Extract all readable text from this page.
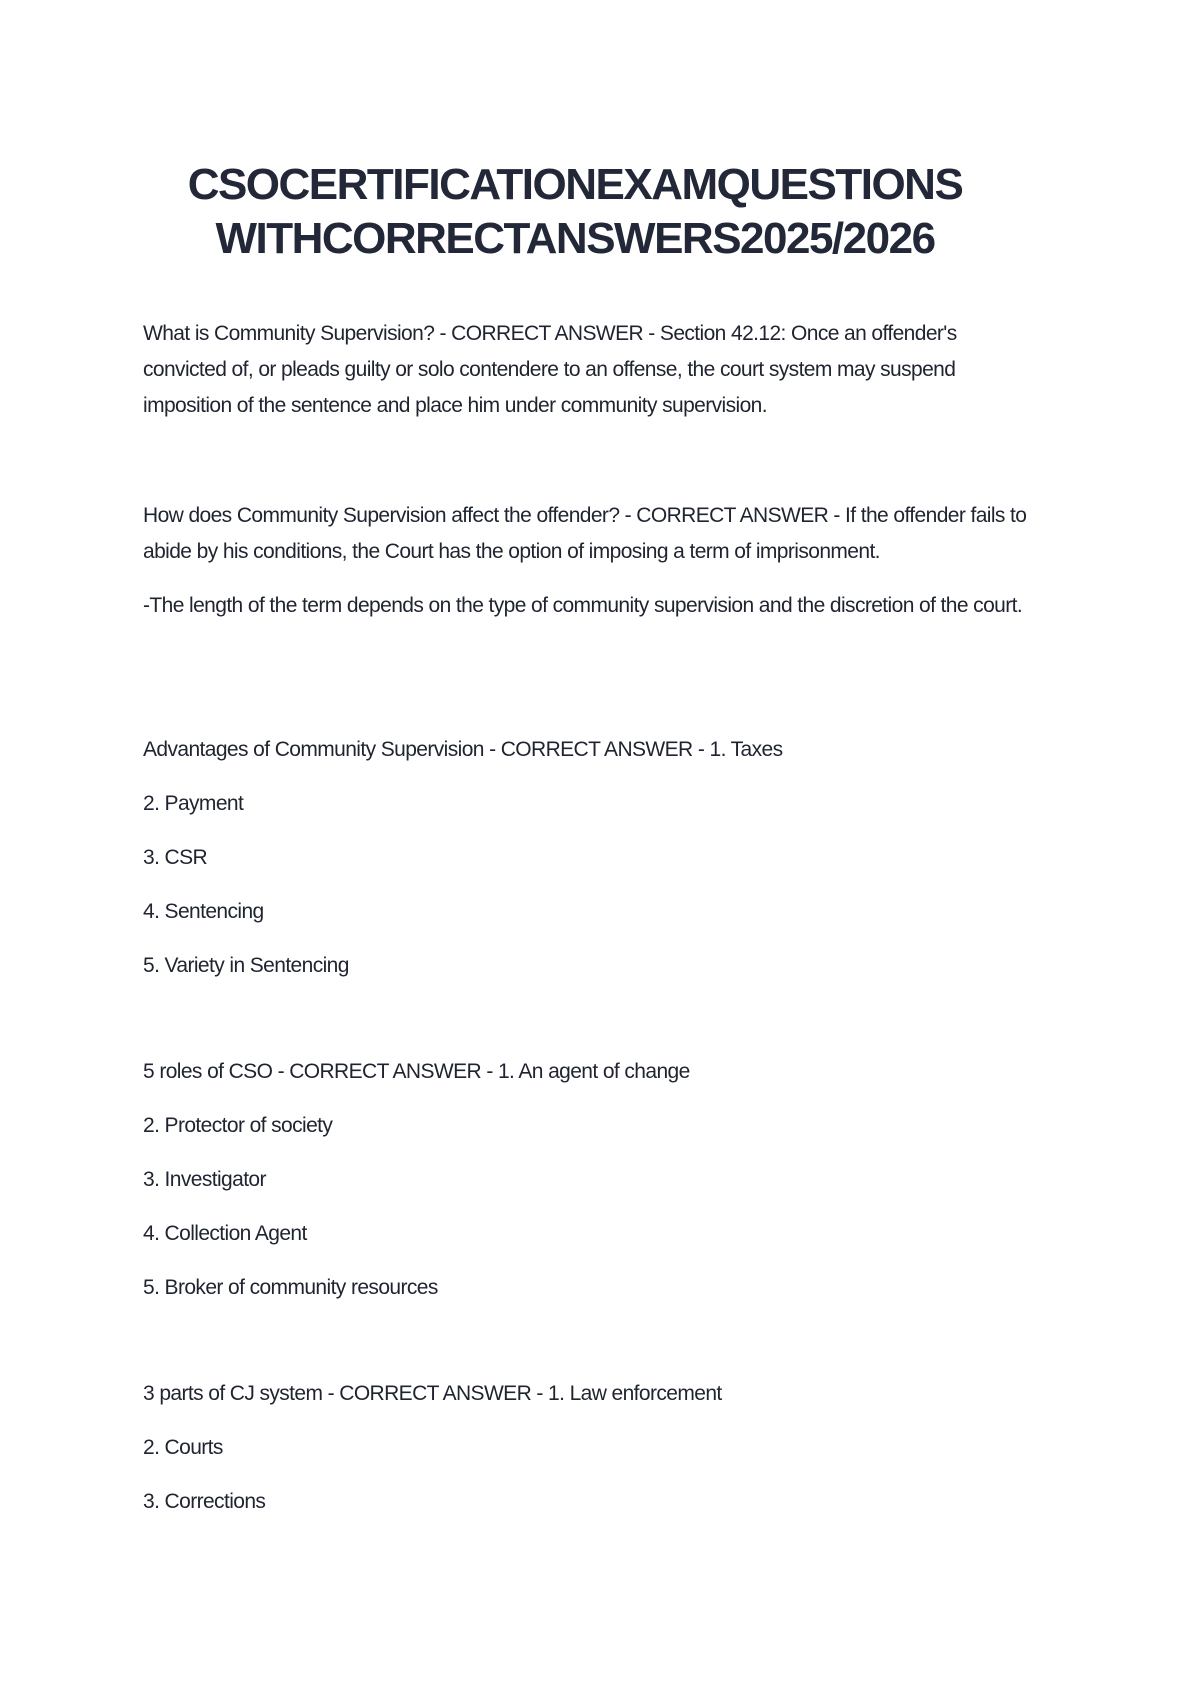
CSOCERTIFICATIONEXAMQUESTIONS
WITHCORRECTANSWERS2025/2026

What is Community Supervision? - CORRECT ANSWER - Section 42.12: Once an offender's convicted of, or pleads guilty or solo contendere to an offense, the court system may suspend imposition of the sentence and place him under community supervision.

How does Community Supervision affect the offender? - CORRECT ANSWER - If the offender fails to abide by his conditions, the Court has the option of imposing a term of imprisonment.

-The length of the term depends on the type of community supervision and the discretion of the court.

Advantages of Community Supervision - CORRECT ANSWER - 1. Taxes

2. Payment

3. CSR

4. Sentencing

5. Variety in Sentencing

5 roles of CSO - CORRECT ANSWER - 1. An agent of change

2. Protector of society

3. Investigator

4. Collection Agent

5. Broker of community resources

3 parts of CJ system - CORRECT ANSWER - 1. Law enforcement

2. Courts

3. Corrections
